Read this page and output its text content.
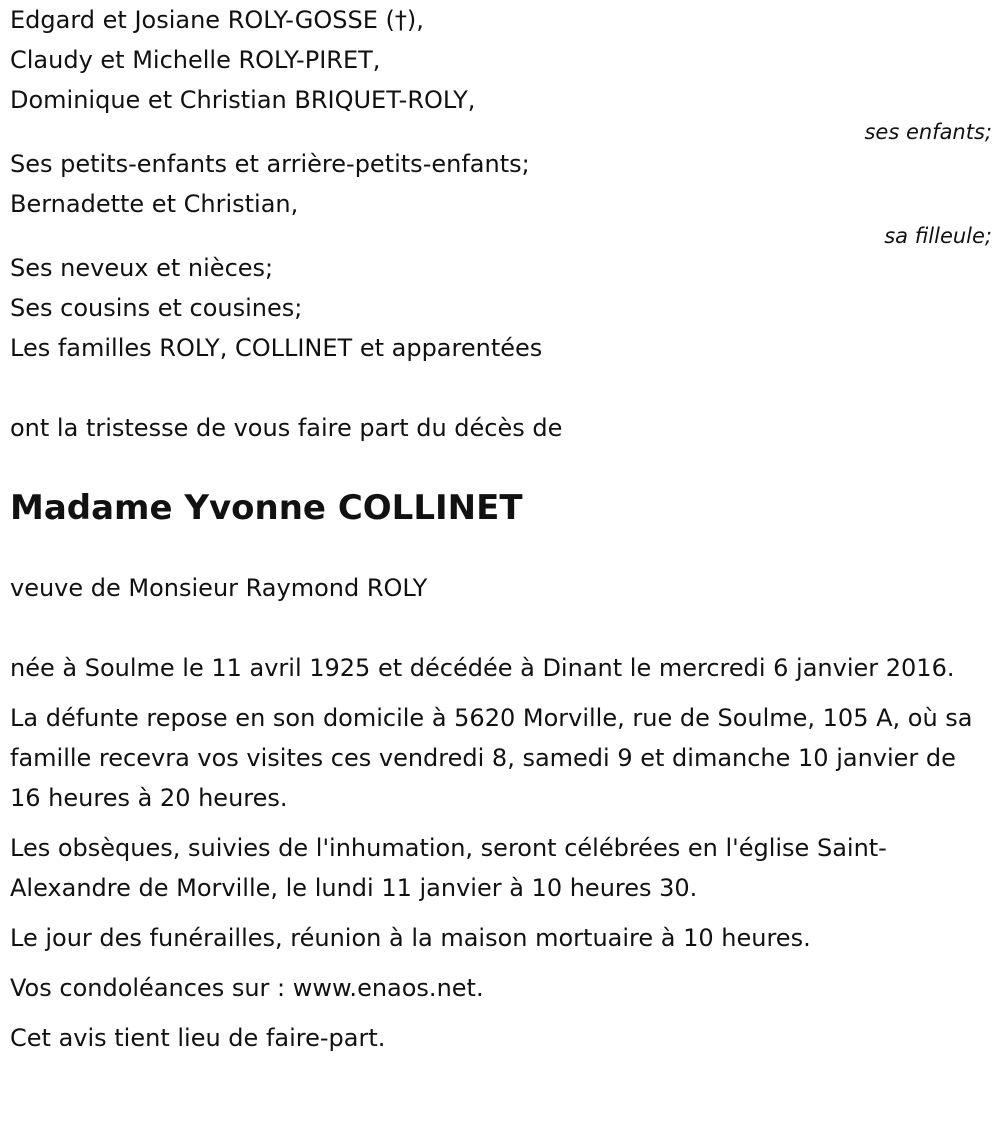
Edgard et Josiane ROLY-GOSSE (†),
Claudy et Michelle ROLY-PIRET,
Dominique et Christian BRIQUET-ROLY,
ses enfants;
Ses petits-enfants et arrière-petits-enfants;
Bernadette et Christian,
sa filleule;
Ses neveux et nièces;
Ses cousins et cousines;
Les familles ROLY, COLLINET et apparentées
ont la tristesse de vous faire part du décès de
Madame Yvonne COLLINET
veuve de Monsieur Raymond ROLY
née à Soulme le 11 avril 1925 et décédée à Dinant le mercredi 6 janvier 2016.
La défunte repose en son domicile à 5620 Morville, rue de Soulme, 105 A, où sa famille recevra vos visites ces vendredi 8, samedi 9 et dimanche 10 janvier de 16 heures à 20 heures.
Les obsèques, suivies de l'inhumation, seront célébrées en l'église Saint-Alexandre de Morville, le lundi 11 janvier à 10 heures 30.
Le jour des funérailles, réunion à la maison mortuaire à 10 heures.
Vos condoléances sur : www.enaos.net.
Cet avis tient lieu de faire-part.
